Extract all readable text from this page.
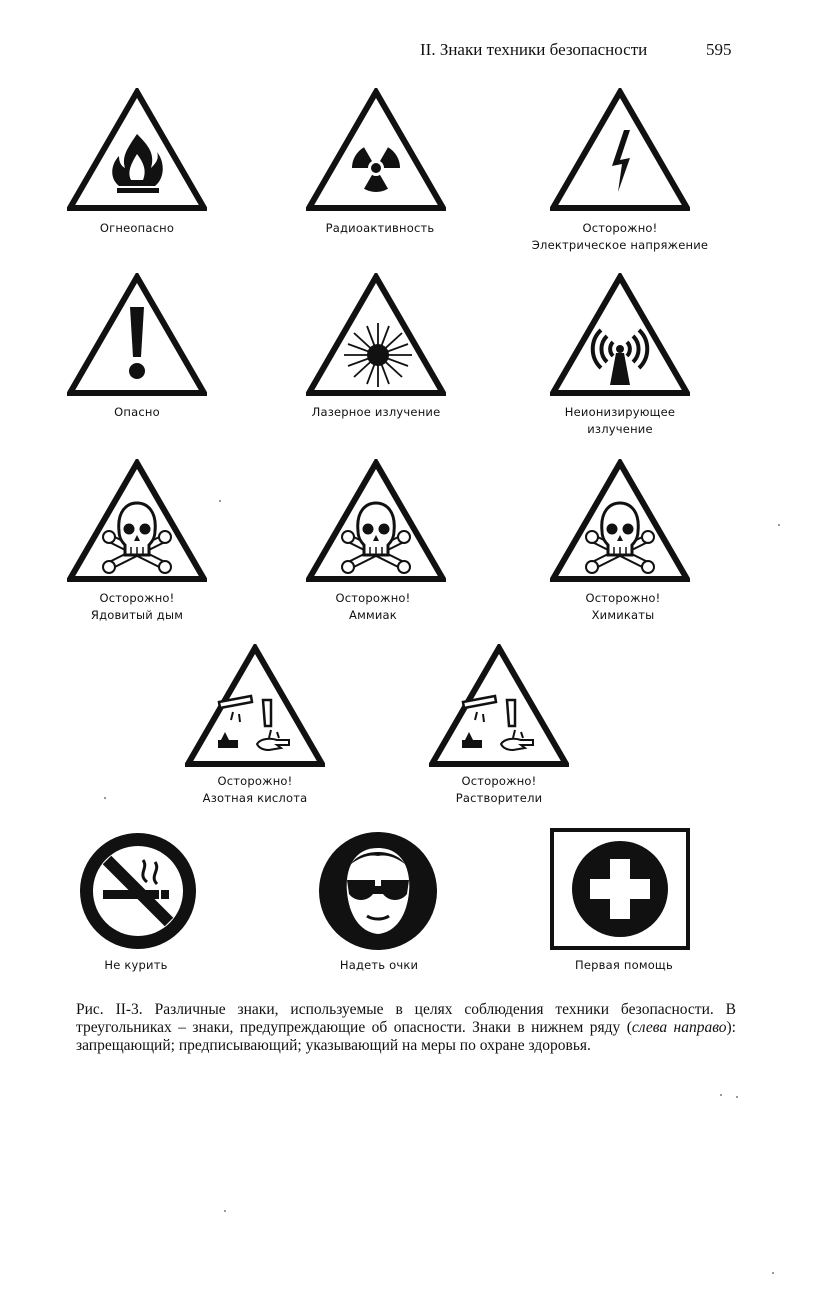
II. Знаки техники безопасности	595
Огнеопасно	Радиоактивность	Осторожно!
Электрическое напряжение
Опасно	Лазерное излучение	Неионизирующее
излучение
Осторожно!
Ядовитый дым
Осторожно!
Аммиак
Осторожно!
Химикаты
Осторожно!
Азотная кислота
Осторожно!
Растворители
Не курить	Надеть очки	Первая помощь
Рис. II-3. Различные знаки, используемые в целях соблюдения техники безопасности. В треугольниках – знаки, предупреждающие об опасности. Знаки в нижнем ряду (слева направо): запрещающий; предписывающий; указывающий на меры по охране здоровья.
